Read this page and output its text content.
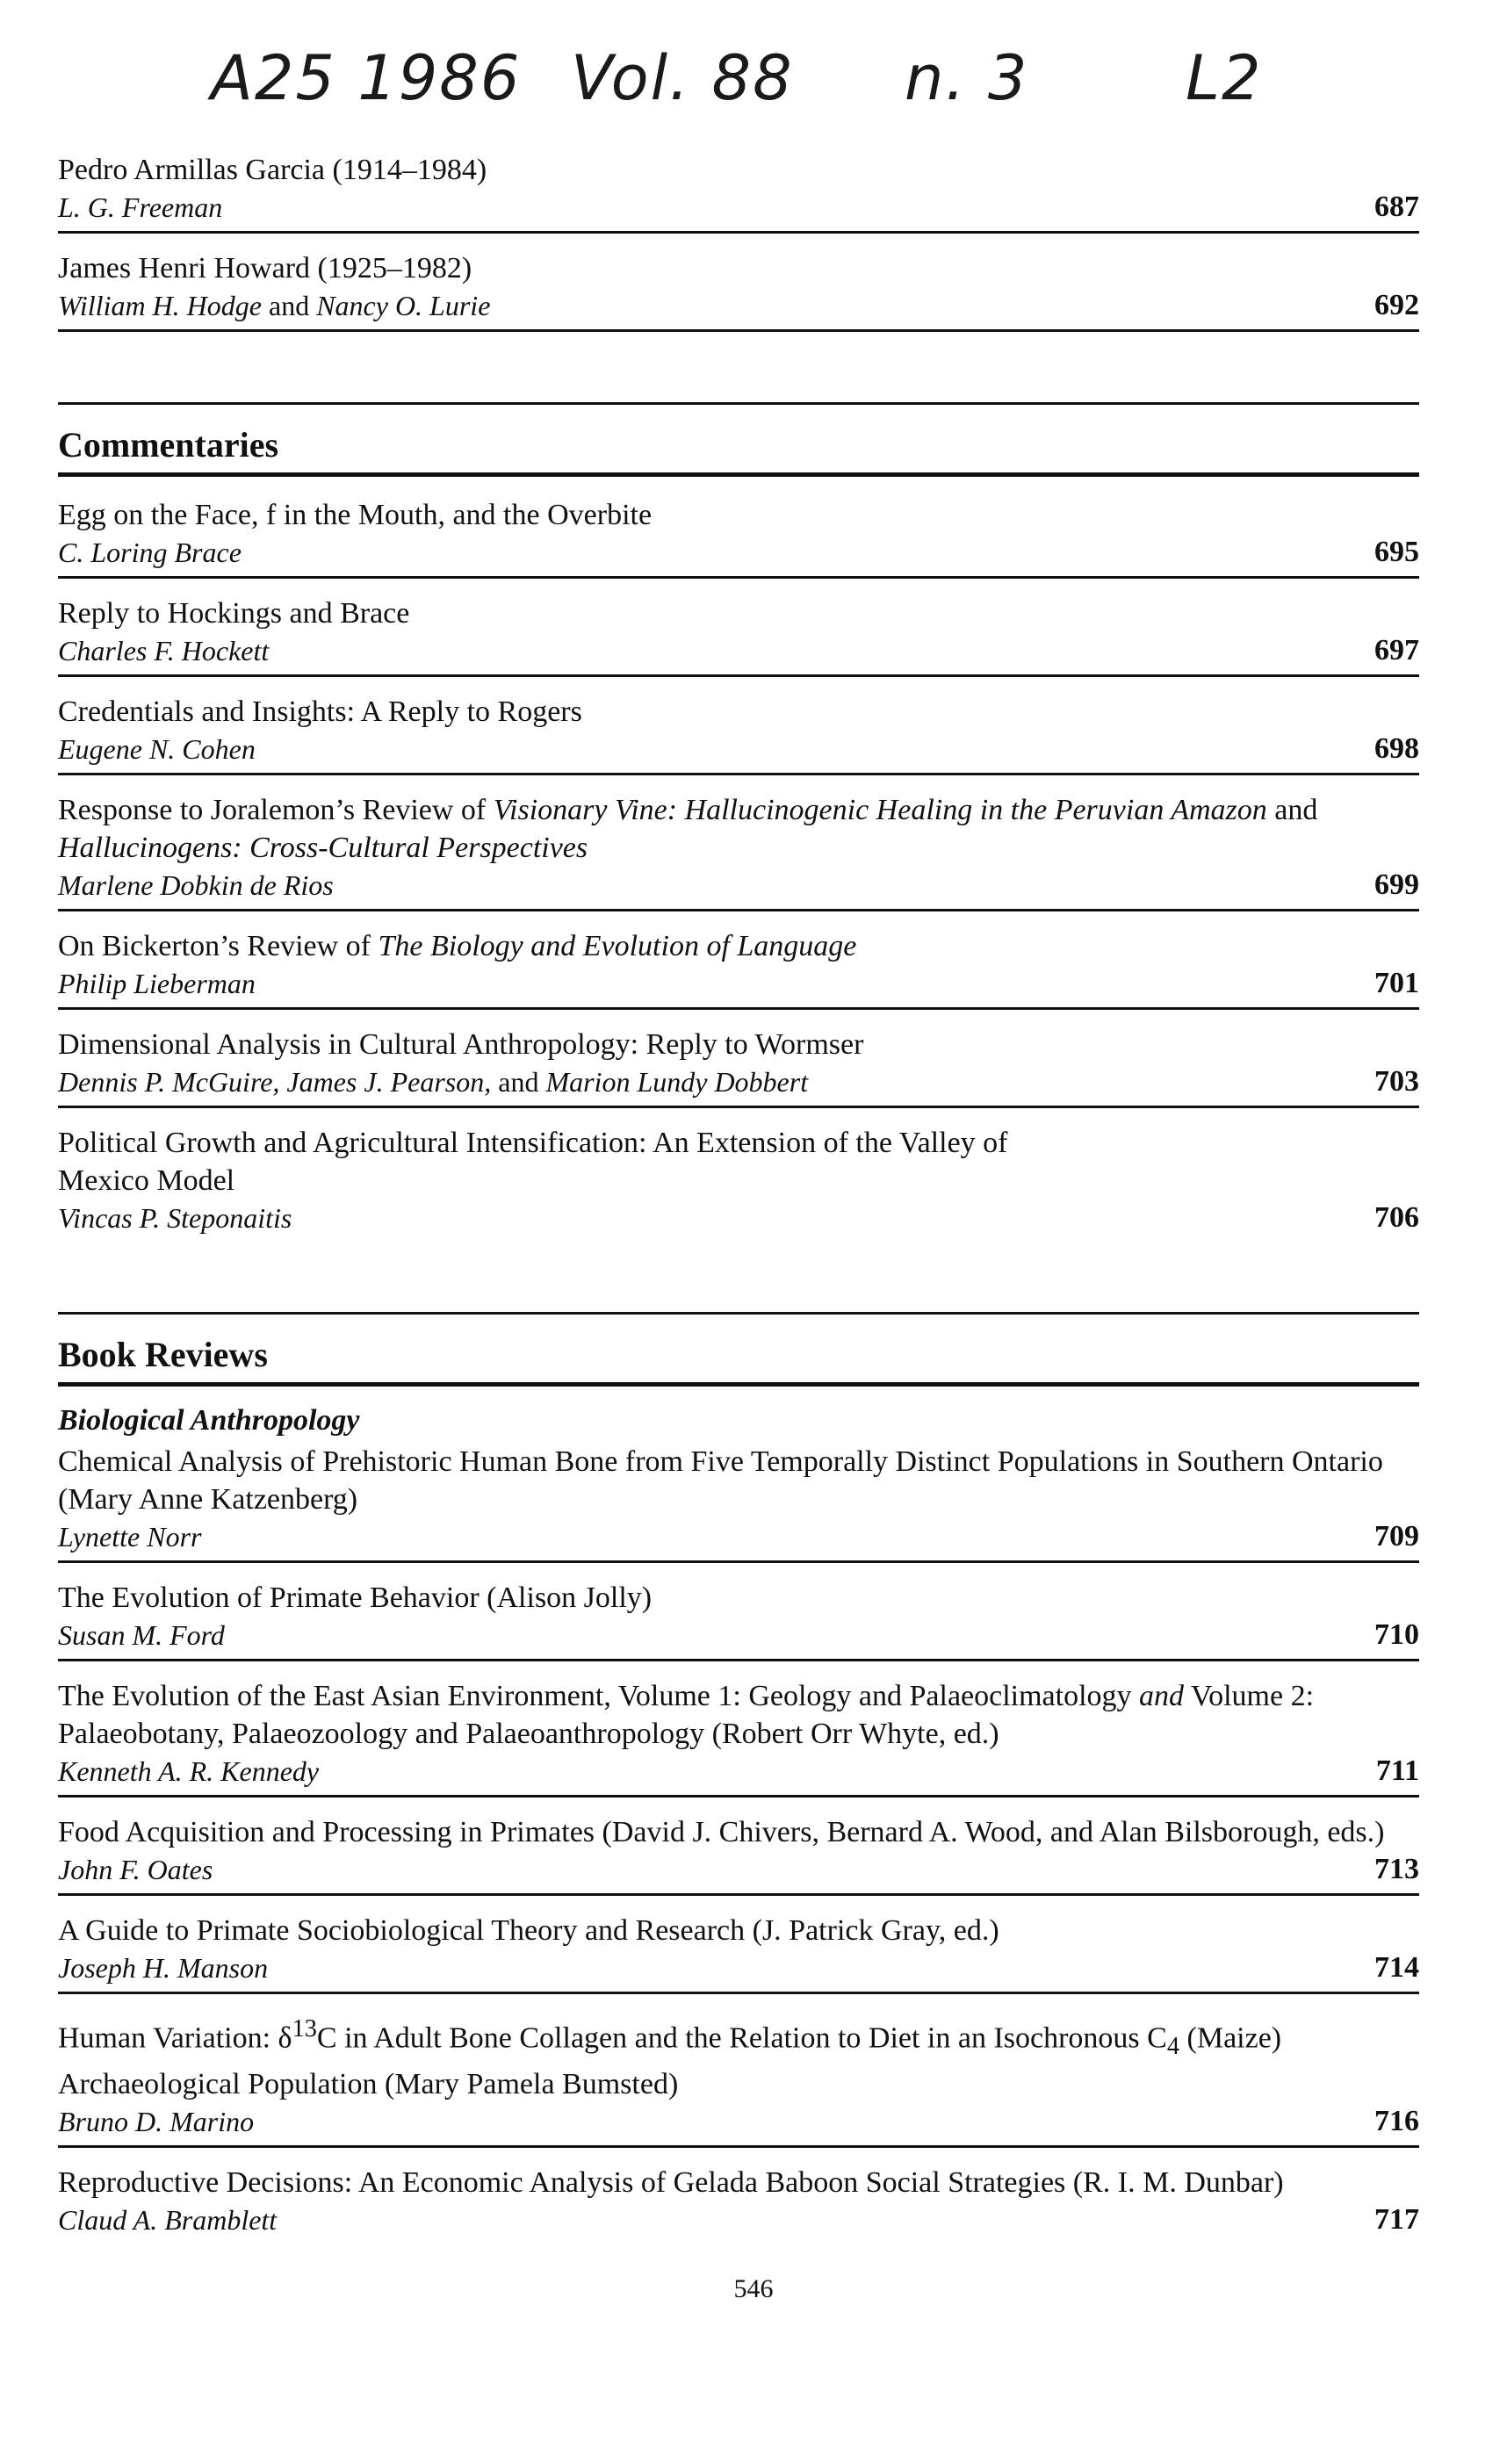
A25 1986 Vol. 88 n. 3	L2
Pedro Armillas Garcia (1914–1984)
L. G. Freeman	687
James Henri Howard (1925–1982)
William H. Hodge and Nancy O. Lurie	692
Commentaries
Egg on the Face, f in the Mouth, and the Overbite
C. Loring Brace	695
Reply to Hockings and Brace
Charles F. Hockett	697
Credentials and Insights: A Reply to Rogers
Eugene N. Cohen	698
Response to Joralemon’s Review of Visionary Vine: Hallucinogenic Healing in the Peruvian Amazon and Hallucinogens: Cross-Cultural Perspectives
Marlene Dobkin de Rios	699
On Bickerton’s Review of The Biology and Evolution of Language
Philip Lieberman	701
Dimensional Analysis in Cultural Anthropology: Reply to Wormser
Dennis P. McGuire, James J. Pearson, and Marion Lundy Dobbert	703
Political Growth and Agricultural Intensification: An Extension of the Valley of Mexico Model
Vincas P. Steponaitis	706
Book Reviews
Biological Anthropology
Chemical Analysis of Prehistoric Human Bone from Five Temporally Distinct Populations in Southern Ontario (Mary Anne Katzenberg)
Lynette Norr	709
The Evolution of Primate Behavior (Alison Jolly)
Susan M. Ford	710
The Evolution of the East Asian Environment, Volume 1: Geology and Palaeoclimatology and Volume 2: Palaeobotany, Palaeozoology and Palaeoanthropology (Robert Orr Whyte, ed.)
Kenneth A. R. Kennedy	711
Food Acquisition and Processing in Primates (David J. Chivers, Bernard A. Wood, and Alan Bilsborough, eds.)
John F. Oates	713
A Guide to Primate Sociobiological Theory and Research (J. Patrick Gray, ed.)
Joseph H. Manson	714
Human Variation: $\delta^{13}C$ in Adult Bone Collagen and the Relation to Diet in an Isochronous $C_4$ (Maize) Archaeological Population (Mary Pamela Bumsted)
Bruno D. Marino	716
Reproductive Decisions: An Economic Analysis of Gelada Baboon Social Strategies (R. I. M. Dunbar)
Claud A. Bramblett	717
546
